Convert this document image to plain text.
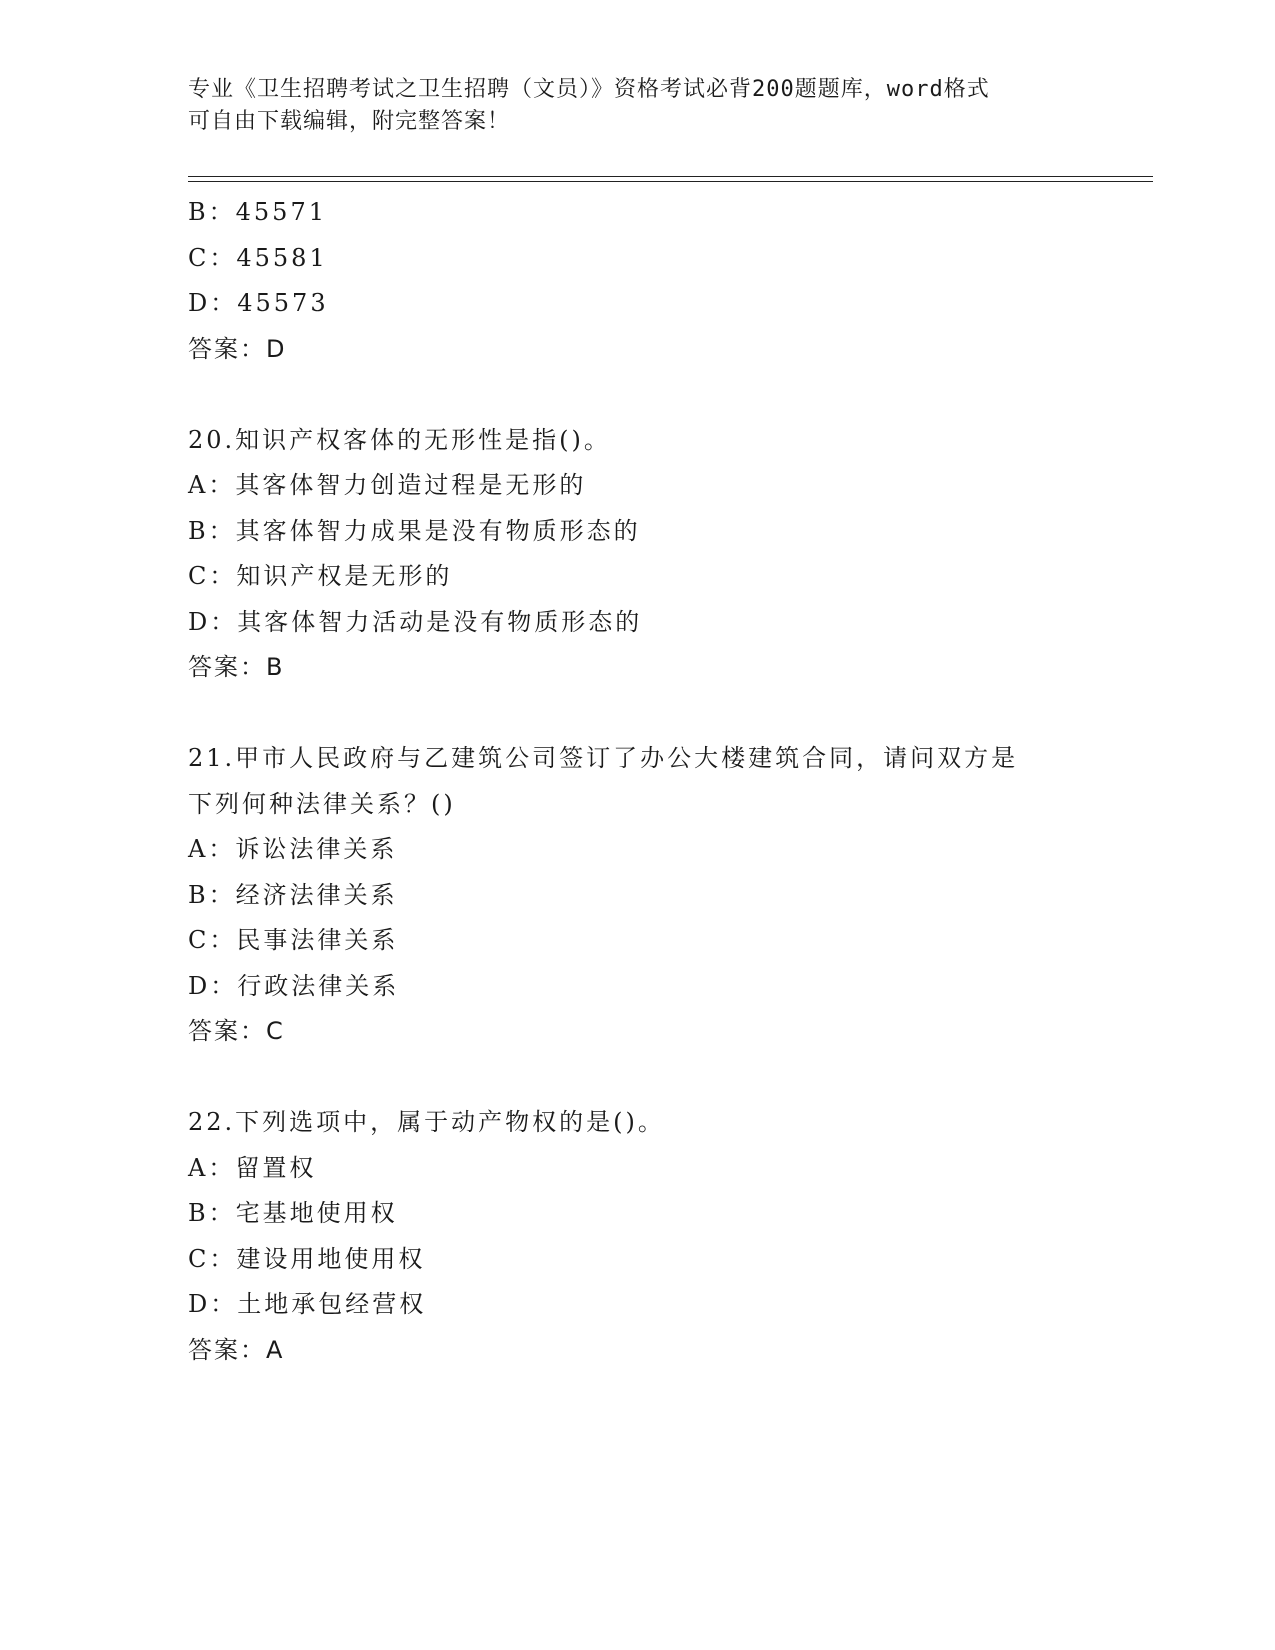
专业《卫生招聘考试之卫生招聘（文员）》资格考试必背200题题库，word格式
可自由下载编辑，附完整答案！
B：45571
C：45581
D：45573
答案：D
20.知识产权客体的无形性是指()。
A：其客体智力创造过程是无形的
B：其客体智力成果是没有物质形态的
C：知识产权是无形的
D：其客体智力活动是没有物质形态的
答案：B
21.甲市人民政府与乙建筑公司签订了办公大楼建筑合同，请问双方是
下列何种法律关系？()
A：诉讼法律关系
B：经济法律关系
C：民事法律关系
D：行政法律关系
答案：C
22.下列选项中，属于动产物权的是()。
A：留置权
B：宅基地使用权
C：建设用地使用权
D：土地承包经营权
答案：A
